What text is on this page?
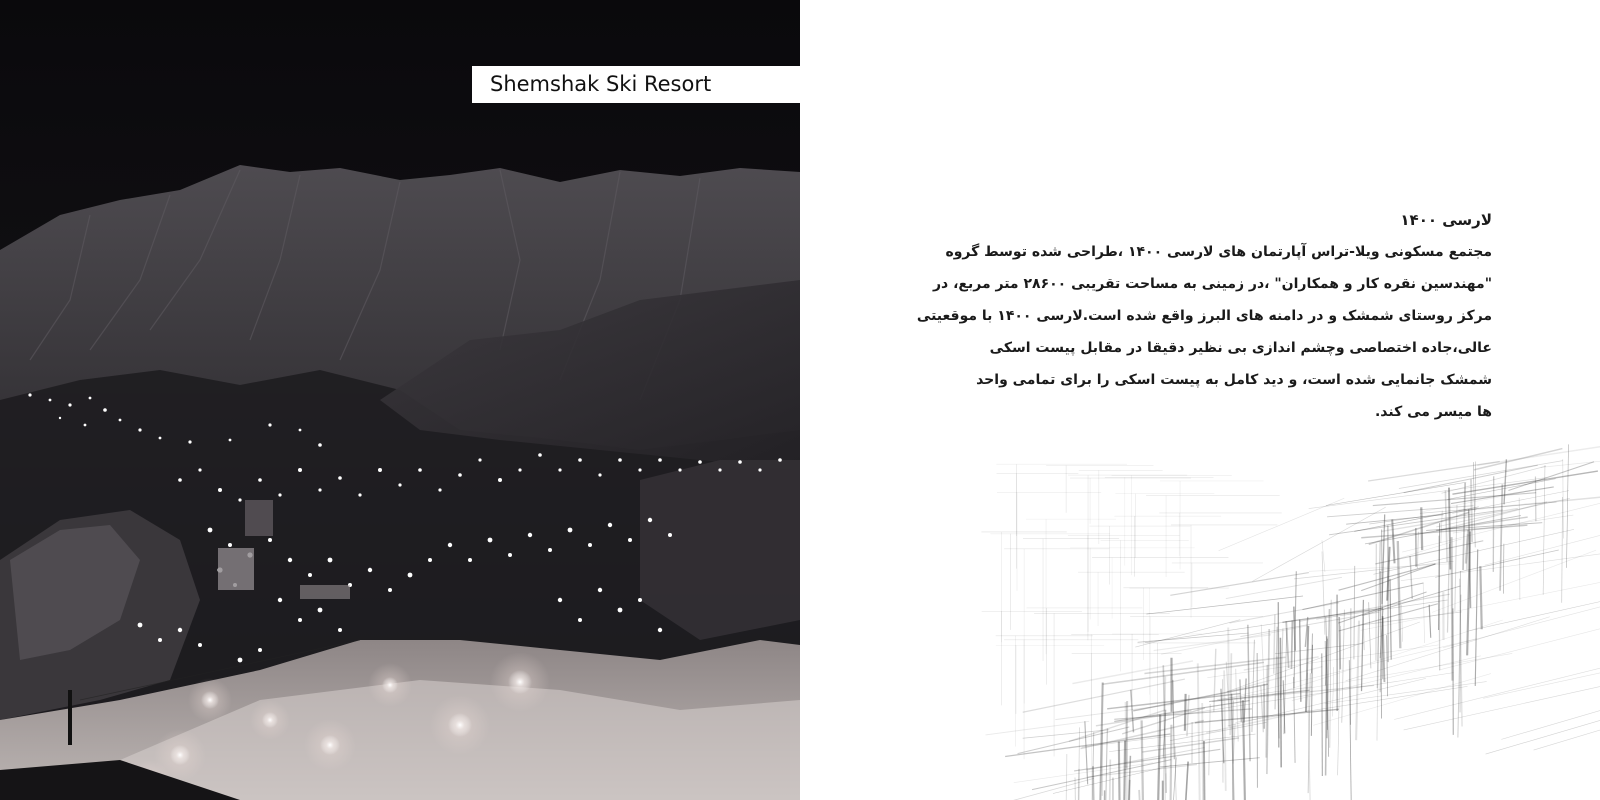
Shemshak Ski Resort
لارسی ۱۴۰۰
مجتمع مسکونی ویلا-تراس آپارتمان های لارسی ۱۴۰۰ ،طراحی شده توسط گروه
"مهندسین نقره کار و همکاران" ،در زمینی به مساحت تقریبی ۲۸۶۰۰ متر مربع، در
مرکز روستای شمشک و در دامنه های البرز واقع شده است.لارسی ۱۴۰۰ با موقعیتی
عالی،جاده اختصاصی وچشم اندازی بی نظیر دقیقا در مقابل پیست اسکی
شمشک جانمایی شده است، و دید کامل به پیست اسکی را برای تمامی واحد
ها میسر می کند.
